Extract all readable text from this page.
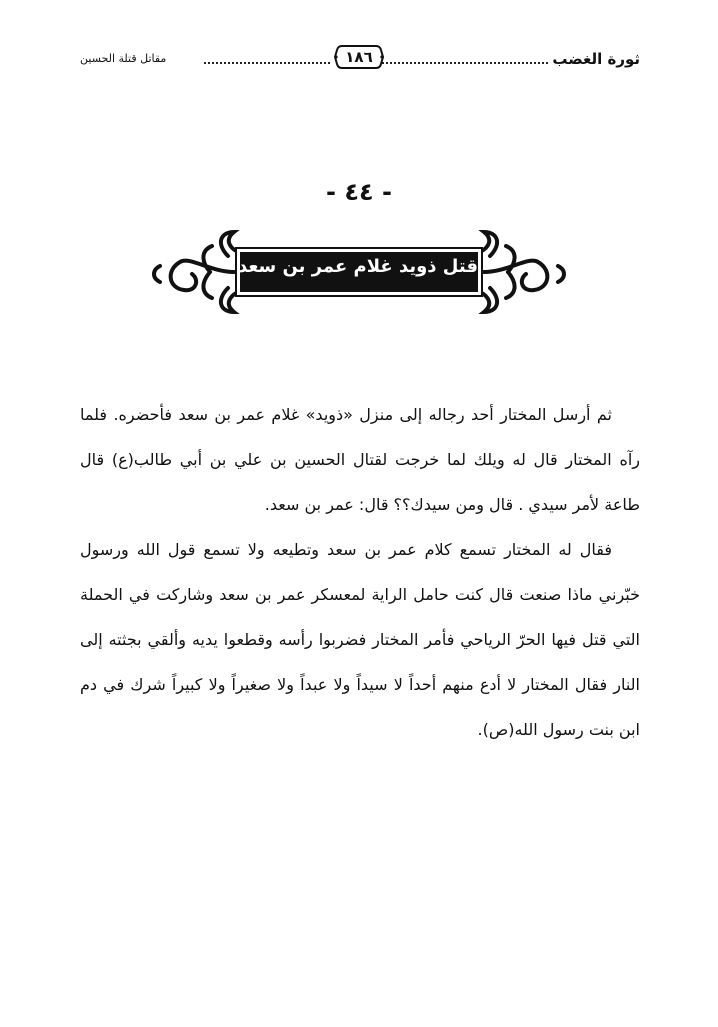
ثورة الغضب
١٨٦
مقاتل قتلة الحسين
- ٤٤ -
قتل ذويد غلام عمر بن سعد

ثم أرسل المختار أحد رجاله إلى منزل «ذويد» غلام عمر بن سعد فأحضره. فلما رآه المختار قال له ويلك لما خرجت لقتال الحسين بن علي بن أبي طالب(ع) قال طاعة لأمر سيدي . قال ومن سيدك؟؟ قال: عمر بن سعد.

فقال له المختار تسمع كلام عمر بن سعد وتطيعه ولا تسمع قول الله ورسول خبّرني ماذا صنعت قال كنت حامل الراية لمعسكر عمر بن سعد وشاركت في الحملة التي قتل فيها الحرّ الرياحي فأمر المختار فضربوا رأسه وقطعوا يديه وألقي بجثته إلى النار فقال المختار لا أدع منهم أحداً لا سيداً ولا عبداً ولا صغيراً ولا كبيراً شرك في دم ابن بنت رسول الله(ص).
